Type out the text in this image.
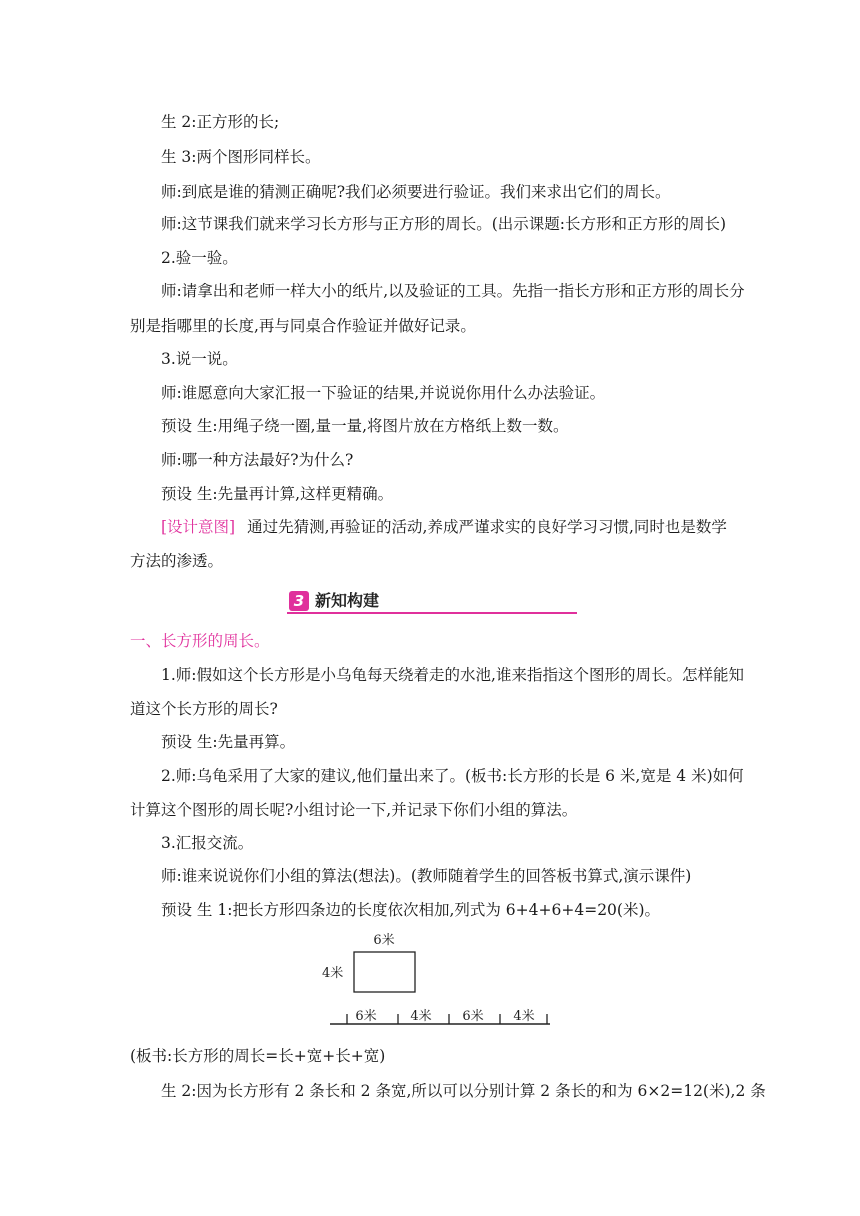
生 2:正方形的长;
生 3:两个图形同样长。
师:到底是谁的猜测正确呢?我们必须要进行验证。我们来求出它们的周长。
师:这节课我们就来学习长方形与正方形的周长。(出示课题:长方形和正方形的周长)
2.验一验。
师:请拿出和老师一样大小的纸片,以及验证的工具。先指一指长方形和正方形的周长分
别是指哪里的长度,再与同桌合作验证并做好记录。
3.说一说。
师:谁愿意向大家汇报一下验证的结果,并说说你用什么办法验证。
预设 生:用绳子绕一圈,量一量,将图片放在方格纸上数一数。
师:哪一种方法最好?为什么?
预设 生:先量再计算,这样更精确。
[设计意图] 通过先猜测,再验证的活动,养成严谨求实的良好学习习惯,同时也是数学
方法的渗透。
3 新知构建
一、长方形的周长。
1.师:假如这个长方形是小乌龟每天绕着走的水池,谁来指指这个图形的周长。怎样能知
道这个长方形的周长?
预设 生:先量再算。
2.师:乌龟采用了大家的建议,他们量出来了。(板书:长方形的长是 6 米,宽是 4 米)如何
计算这个图形的周长呢?小组讨论一下,并记录下你们小组的算法。
3.汇报交流。
师:谁来说说你们小组的算法(想法)。(教师随着学生的回答板书算式,演示课件)
预设 生 1:把长方形四条边的长度依次相加,列式为 6+4+6+4=20(米)。
6米
4米
6米	4米 6米 4米
(板书:长方形的周长=长+宽+长+宽)
生 2:因为长方形有 2 条长和 2 条宽,所以可以分别计算 2 条长的和为 6×2=12(米),2 条
